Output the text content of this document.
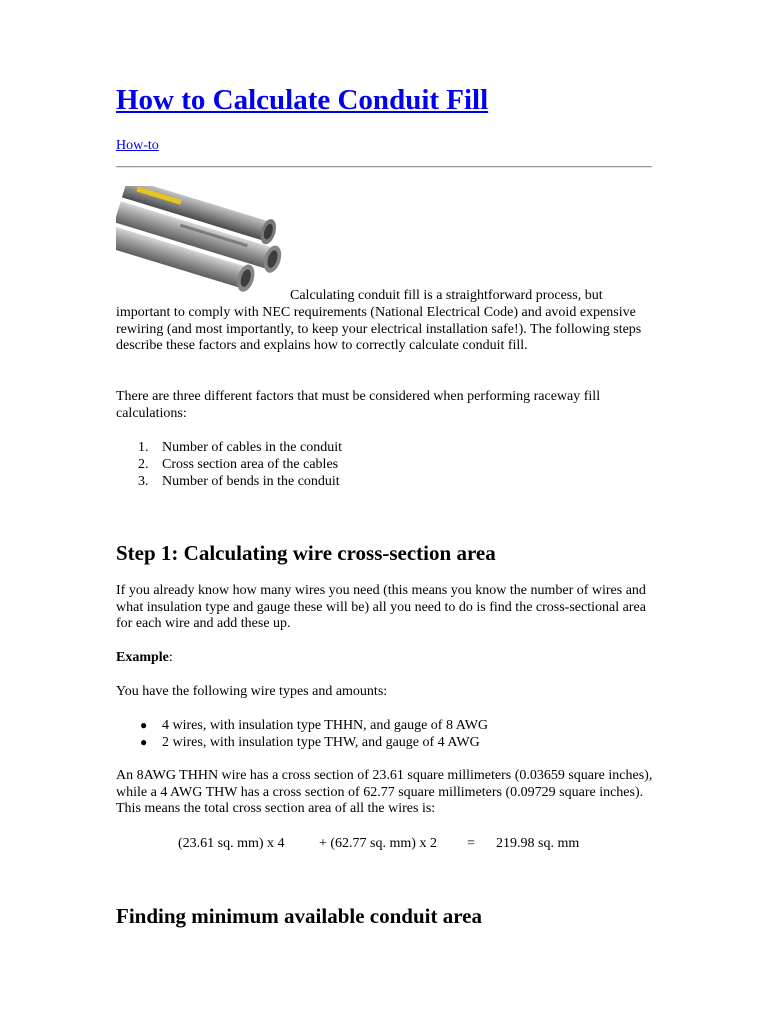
How to Calculate Conduit Fill
How-to
Calculating conduit fill is a straightforward process, but

important to comply with NEC requirements (National Electrical Code) and avoid expensive rewiring (and most importantly, to keep your electrical installation safe!). The following steps describe these factors and explains how to correctly calculate conduit fill.

There are three different factors that must be considered when performing raceway fill calculations:

1. Number of cables in the conduit
2. Cross section area of the cables
3. Number of bends in the conduit
Step 1: Calculating wire cross-section area

If you already know how many wires you need (this means you know the number of wires and what insulation type and gauge these will be) all you need to do is find the cross-sectional area for each wire and add these up.

Example:

You have the following wire types and amounts:

● 4 wires, with insulation type THHN, and gauge of 8 AWG
● 2 wires, with insulation type THW, and gauge of 4 AWG

An 8AWG THHN wire has a cross section of 23.61 square millimeters (0.03659 square inches), while a 4 AWG THW has a cross section of 62.77 square millimeters (0.09729 square inches). This means the total cross section area of all the wires is:

(23.61 sq. mm) x 4 + (62.77 sq. mm) x 2 = 219.98 sq. mm
Finding minimum available conduit area
